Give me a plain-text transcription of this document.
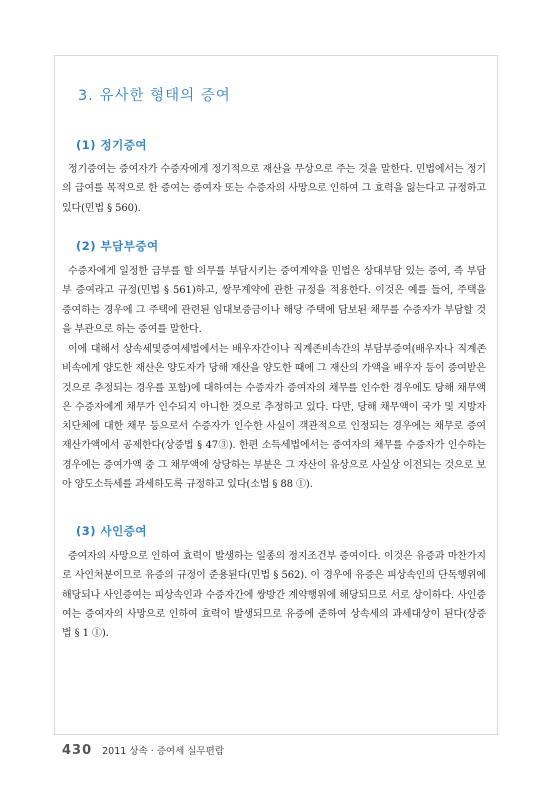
3. 유사한 형태의 증여
(1) 정기증여

정기증여는 증여자가 수증자에게 정기적으로 재산을 무상으로 주는 것을 말한다. 민법에서는 정기의 급여를 목적으로 한 증여는 증여자 또는 수증자의 사망으로 인하여 그 효력을 잃는다고 규정하고 있다(민법 § 560).

(2) 부담부증여

수증자에게 일정한 급부를 할 의무를 부담시키는 증여계약을 민법은 상대부담 있는 증여, 즉 부담부 증여라고 규정(민법 § 561)하고, 쌍무계약에 관한 규정을 적용한다. 이것은 예를 들어, 주택을 증여하는 경우에 그 주택에 관련된 임대보증금이나 해당 주택에 담보된 채무를 수증자가 부담할 것을 부관으로 하는 증여를 말한다.

이에 대해서 상속세및증여세법에서는 배우자간이나 직계존비속간의 부담부증여(배우자나 직계존비속에게 양도한 재산은 양도자가 당해 재산을 양도한 때에 그 재산의 가액을 배우자 등이 증여받은 것으로 추정되는 경우를 포함)에 대하여는 수증자가 증여자의 채무를 인수한 경우에도 당해 채무액은 수증자에게 채무가 인수되지 아니한 것으로 추정하고 있다. 다만, 당해 채무액이 국가 및 지방자치단체에 대한 채무 등으로서 수증자가 인수한 사실이 객관적으로 인정되는 경우에는 채무로 증여재산가액에서 공제한다(상증법 § 47③). 한편 소득세법에서는 증여자의 채무를 수증자가 인수하는 경우에는 증여가액 중 그 채무액에 상당하는 부분은 그 자산이 유상으로 사실상 이전되는 것으로 보아 양도소득세를 과세하도록 규정하고 있다(소법 § 88 ①).

(3) 사인증여

증여자의 사망으로 인하여 효력이 발생하는 일종의 정지조건부 증여이다. 이것은 유증과 마찬가지로 사인처분이므로 유증의 규정이 준용된다(민법 § 562). 이 경우에 유증은 피상속인의 단독행위에 해당되나 사인증여는 피상속인과 수증자간에 쌍방간 계약행위에 해당되므로 서로 상이하다. 사인증여는 증여자의 사망으로 인하여 효력이 발생되므로 유증에 준하여 상속세의 과세대상이 된다(상증법 § 1 ①).

430 2011 상속 · 증여세 실무편람
